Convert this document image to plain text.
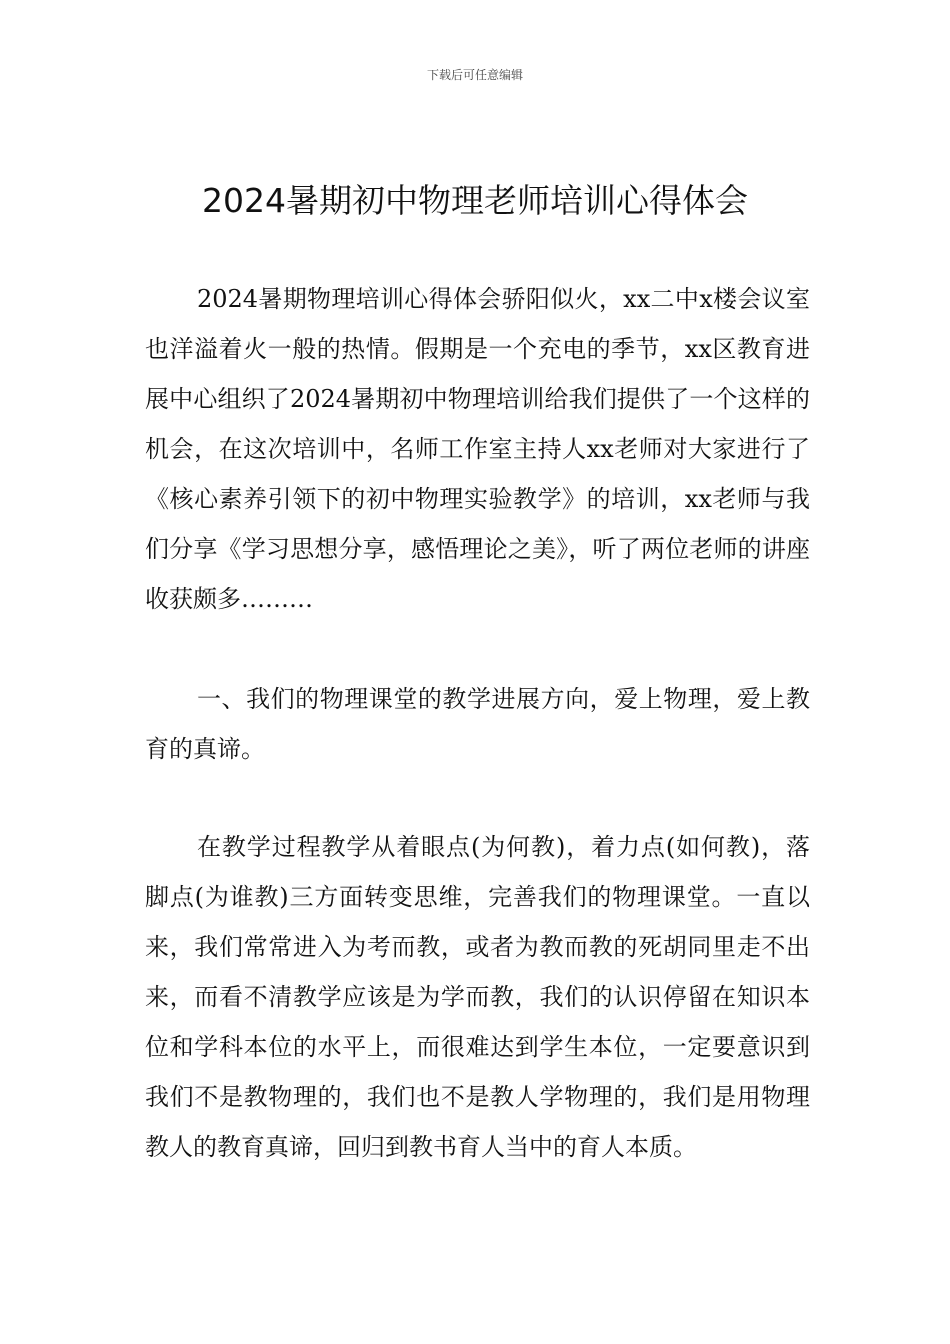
下载后可任意编辑
2024暑期初中物理老师培训心得体会

2024暑期物理培训心得体会骄阳似火，xx二中x楼会议室也洋溢着火一般的热情。假期是一个充电的季节，xx区教育进展中心组织了2024暑期初中物理培训给我们提供了一个这样的机会，在这次培训中，名师工作室主持人xx老师对大家进行了《核心素养引领下的初中物理实验教学》的培训，xx老师与我们分享《学习思想分享，感悟理论之美》，听了两位老师的讲座收获颇多………

一、我们的物理课堂的教学进展方向，爱上物理，爱上教育的真谛。

在教学过程教学从着眼点(为何教)，着力点(如何教)，落脚点(为谁教)三方面转变思维，完善我们的物理课堂。一直以来，我们常常进入为考而教，或者为教而教的死胡同里走不出来，而看不清教学应该是为学而教，我们的认识停留在知识本位和学科本位的水平上，而很难达到学生本位，一定要意识到我们不是教物理的，我们也不是教人学物理的，我们是用物理教人的教育真谛，回归到教书育人当中的育人本质。
